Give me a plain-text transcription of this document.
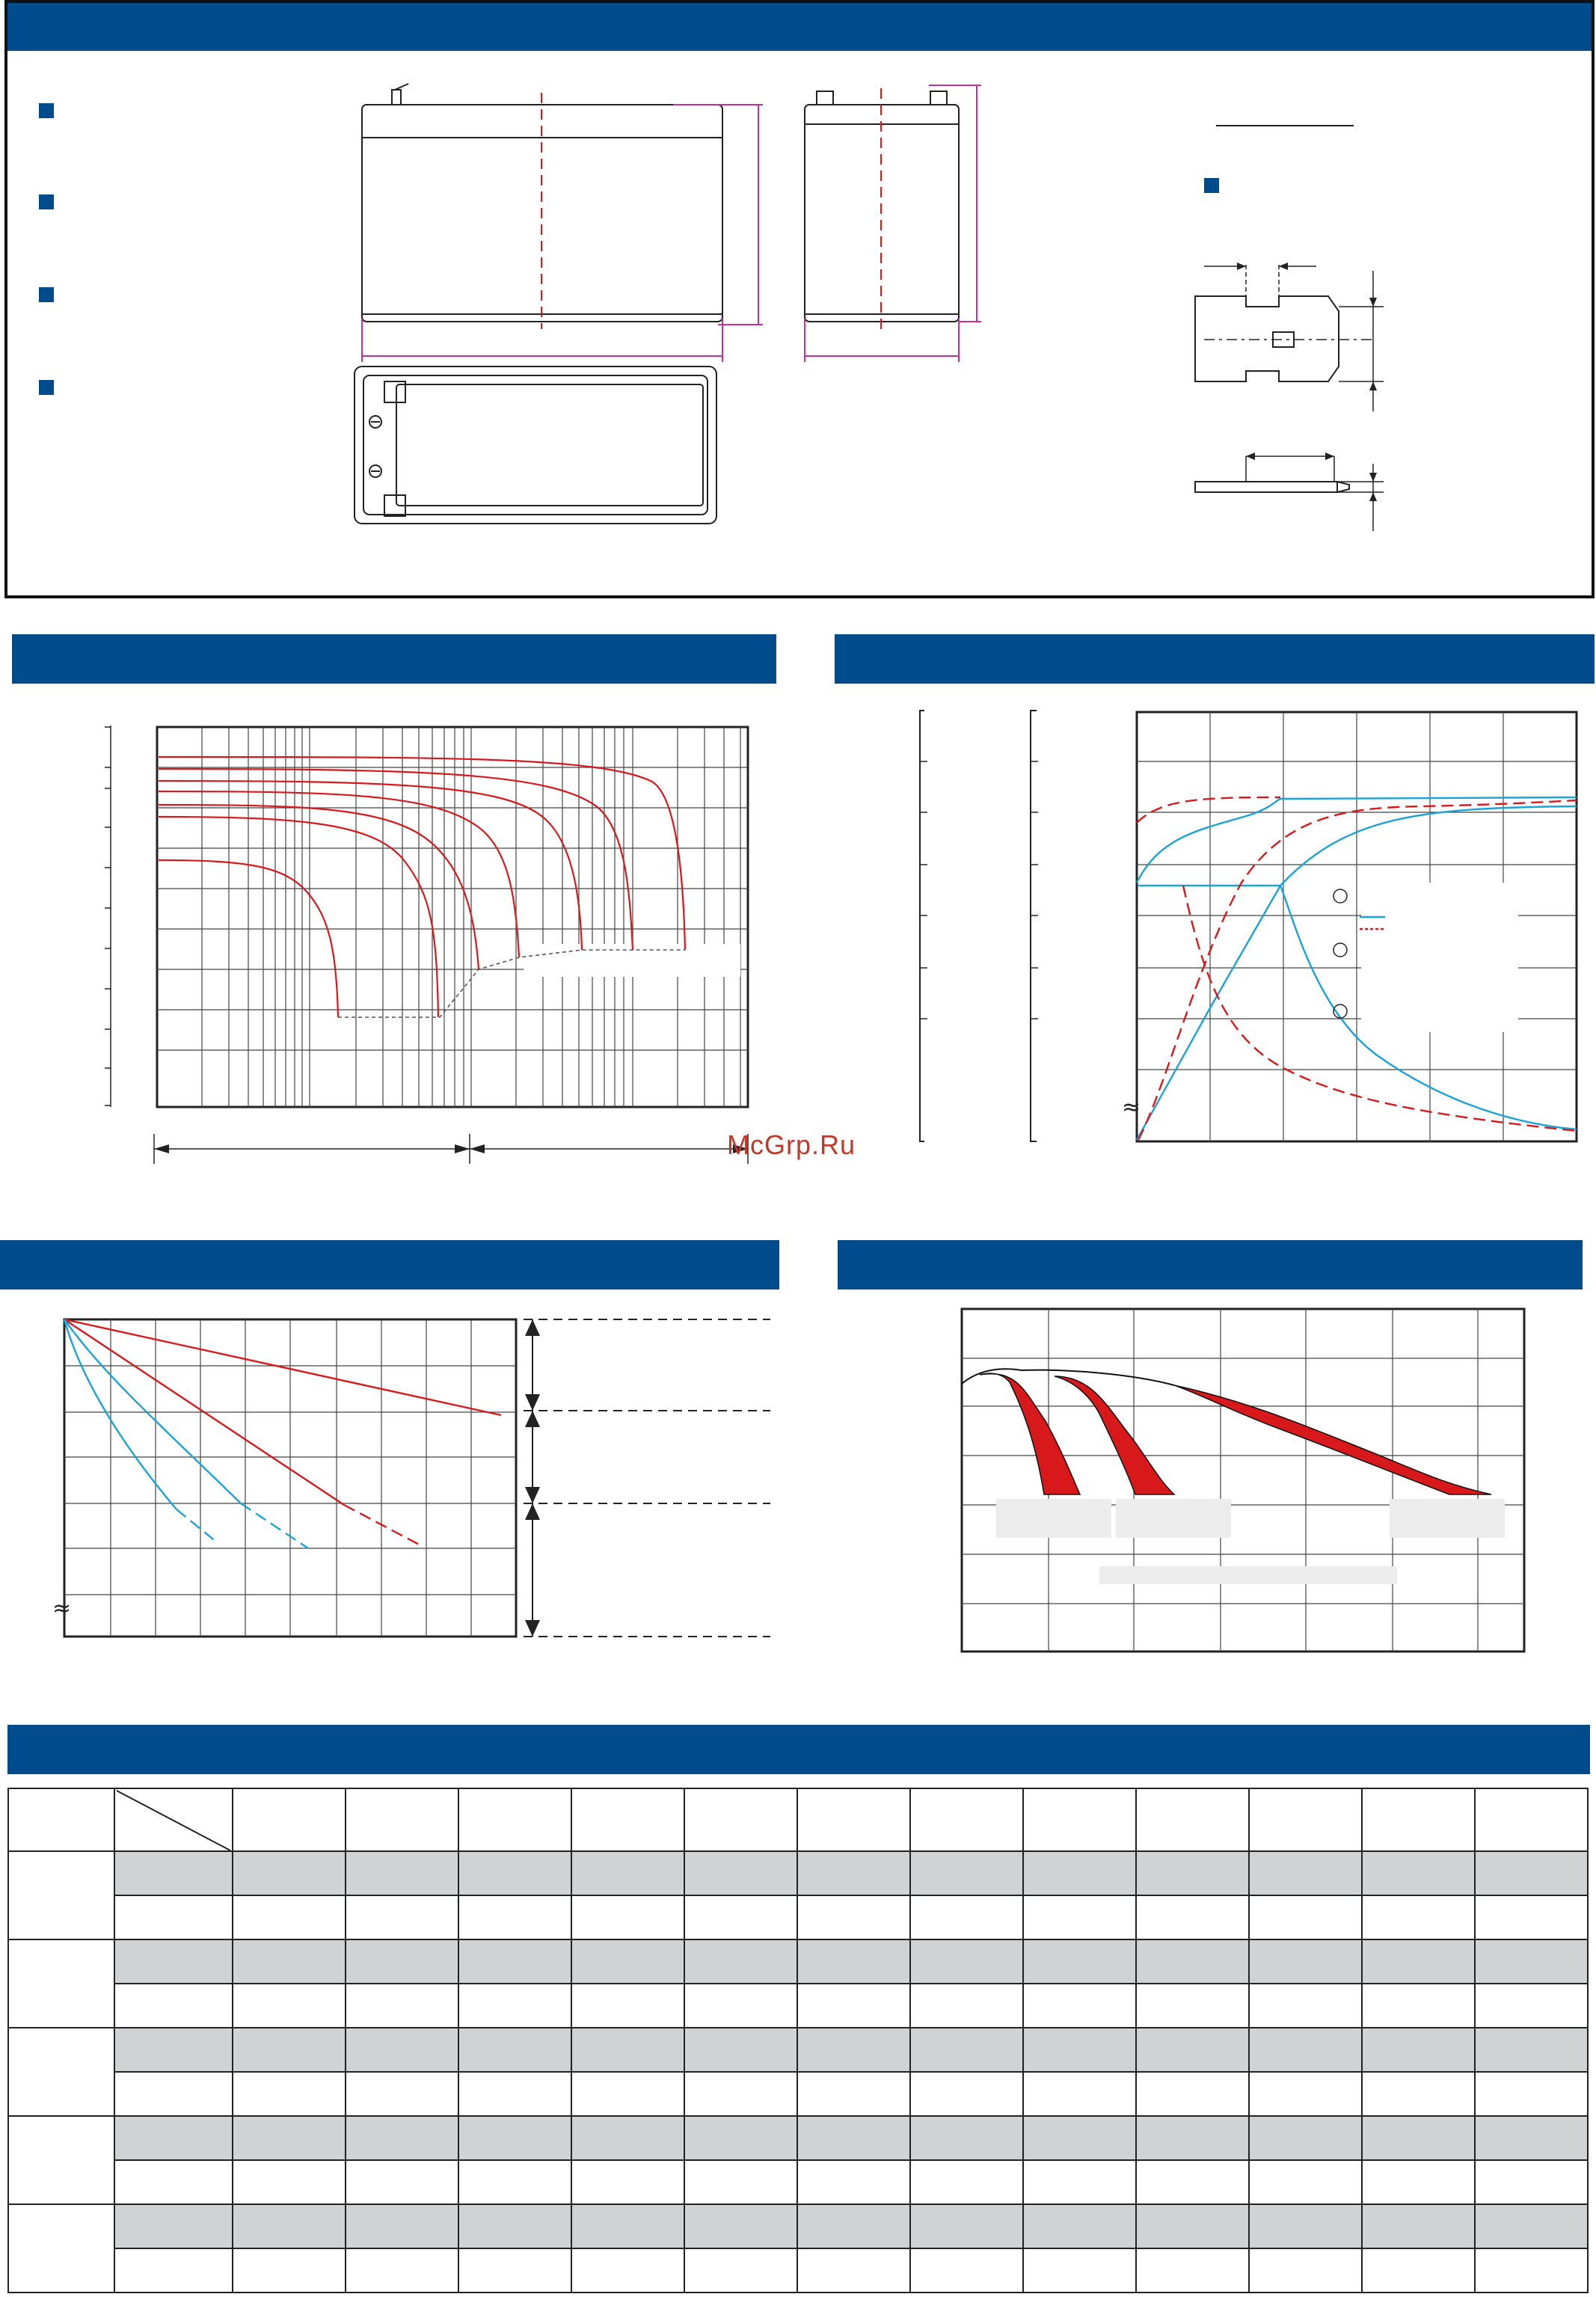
≈
≈

McGrp.Ru
